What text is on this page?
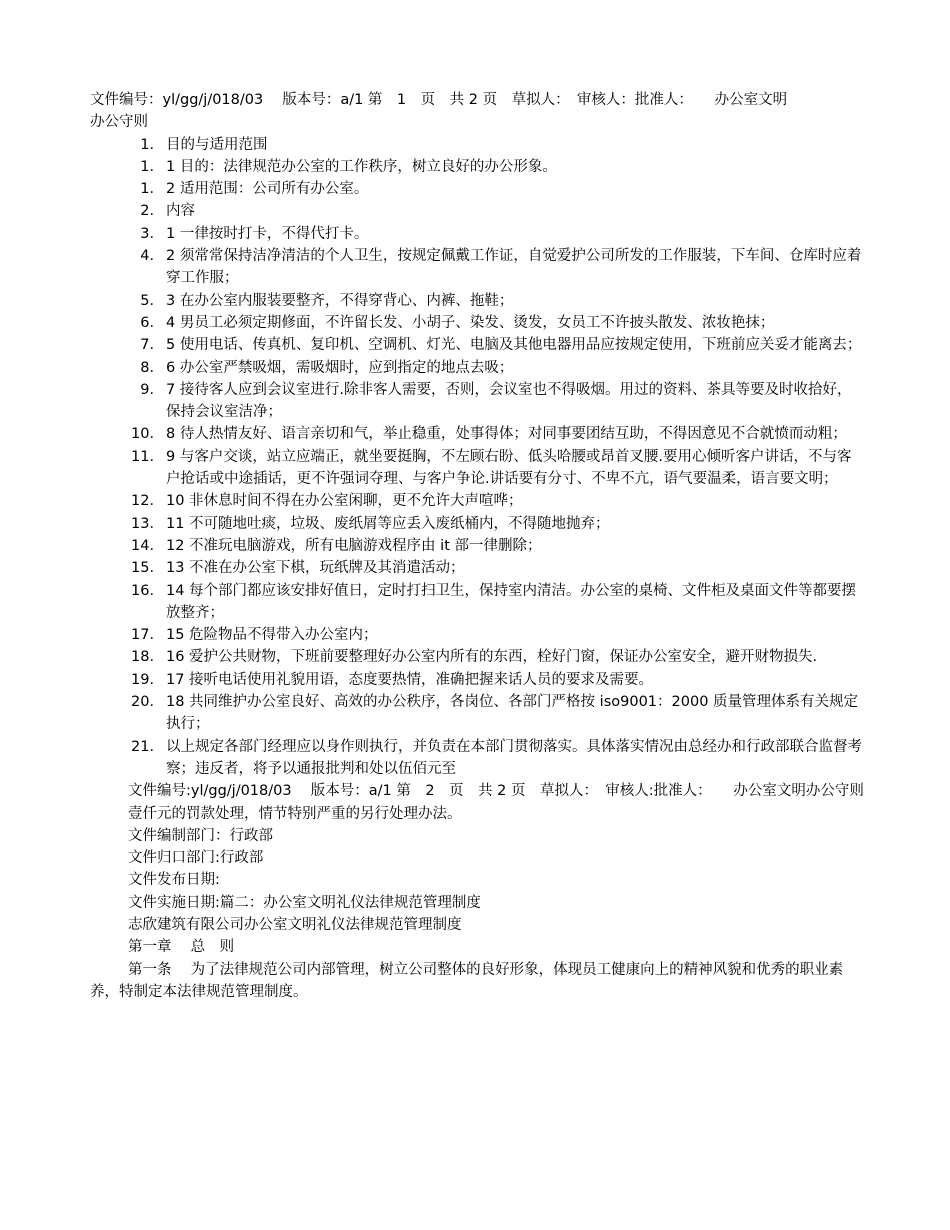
文件编号：yl/gg/j/018/03　 版本号：a/1 第　1　页　共 2 页　草拟人：　审核人：批准人：　　办公室文明

办公守则

1． 目的与适用范围
1． 1 目的：法律规范办公室的工作秩序，树立良好的办公形象。
1． 2 适用范围：公司所有办公室。
2． 内容
3． 1 一律按时打卡，不得代打卡。
4． 2 须常常保持洁净清洁的个人卫生，按规定佩戴工作证，自觉爱护公司所发的工作服装，下车间、仓库时应着穿工作服；
5． 3 在办公室内服装要整齐，不得穿背心、内裤、拖鞋；
6． 4 男员工必须定期修面，不许留长发、小胡子、染发、烫发，女员工不许披头散发、浓妆艳抹；
7． 5 使用电话、传真机、复印机、空调机、灯光、电脑及其他电器用品应按规定使用，下班前应关妥才能离去；
8． 6 办公室严禁吸烟，需吸烟时，应到指定的地点去吸；
9． 7 接待客人应到会议室进行.除非客人需要，否则，会议室也不得吸烟。用过的资料、茶具等要及时收拾好，保持会议室洁净；
10． 8 待人热情友好、语言亲切和气，举止稳重，处事得体；对同事要团结互助，不得因意见不合就愤而动粗；
11． 9 与客户交谈，站立应端正，就坐要挺胸，不左顾右盼、低头哈腰或昂首叉腰.要用心倾听客户讲话，不与客户抢话或中途插话，更不许强词夺理、与客户争论.讲话要有分寸、不卑不亢，语气要温柔，语言要文明；
12． 10 非休息时间不得在办公室闲聊，更不允许大声喧哗；
13． 11 不可随地吐痰，垃圾、废纸屑等应丢入废纸桶内，不得随地抛弃；
14． 12 不准玩电脑游戏，所有电脑游戏程序由 it 部一律删除；
15． 13 不准在办公室下棋，玩纸牌及其消遣活动；
16． 14 每个部门都应该安排好值日，定时打扫卫生，保持室内清洁。办公室的桌椅、文件柜及桌面文件等都要摆放整齐；
17． 15 危险物品不得带入办公室内；
18． 16 爱护公共财物，下班前要整理好办公室内所有的东西，栓好门窗，保证办公室安全，避开财物损失.
19． 17 接听电话使用礼貌用语，态度要热情，准确把握来话人员的要求及需要。
20． 18 共同维护办公室良好、高效的办公秩序，各岗位、各部门严格按 iso9001：2000 质量管理体系有关规定执行；
21． 以上规定各部门经理应以身作则执行，并负责在本部门贯彻落实。具体落实情况由总经办和行政部联合监督考察；违反者，将予以通报批判和处以伍佰元至

文件编号:yl/gg/j/018/03　 版本号：a/1 第　2　页　共 2 页　草拟人：　审核人:批准人：　　办公室文明办公守则

壹仟元的罚款处理，情节特别严重的另行处理办法。

文件编制部门：行政部

文件归口部门:行政部

文件发布日期:

文件实施日期:篇二：办公室文明礼仪法律规范管理制度

志欣建筑有限公司办公室文明礼仪法律规范管理制度

第一章　 总　则

第一条　 为了法律规范公司内部管理，树立公司整体的良好形象，体现员工健康向上的精神风貌和优秀的职业素养，特制定本法律规范管理制度。
